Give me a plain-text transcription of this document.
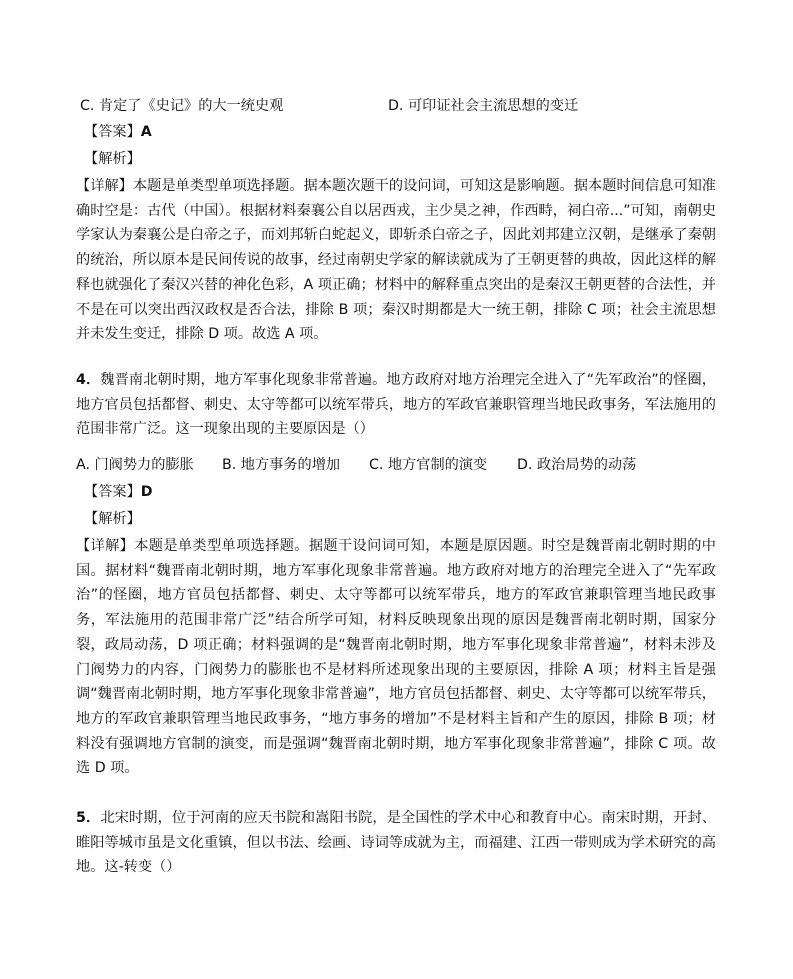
C. 肯定了《史记》的大一统史观	D. 可印证社会主流思想的变迁
【答案】A
【解析】
【详解】本题是单类型单项选择题。据本题次题干的设问词，可知这是影响题。据本题时间信息可知准确时空是：古代（中国）。根据材料秦襄公自以居西戎，主少昊之神，作西畤，祠白帝...”可知，南朝史学家认为秦襄公是白帝之子，而刘邦斩白蛇起义，即斩杀白帝之子，因此刘邦建立汉朝，是继承了秦朝的统治，所以原本是民间传说的故事，经过南朝史学家的解读就成为了王朝更替的典故，因此这样的解释也就强化了秦汉兴替的神化色彩，A 项正确；材料中的解释重点突出的是秦汉王朝更替的合法性，并不是在可以突出西汉政权是否合法，排除 B 项；秦汉时期都是大一统王朝，排除 C 项；社会主流思想并未发生变迁，排除 D 项。故选 A 项。
4．魏晋南北朝时期，地方军事化现象非常普遍。地方政府对地方治理完全进入了“先军政治”的怪圈，地方官员包括都督、刺史、太守等都可以统军带兵，地方的军政官兼职管理当地民政事务，军法施用的范围非常广泛。这一现象出现的主要原因是（）
A. 门阀势力的膨胀 B. 地方事务的增加 C. 地方官制的演变 D. 政治局势的动荡
【答案】D
【解析】
【详解】本题是单类型单项选择题。据题干设问词可知，本题是原因题。时空是魏晋南北朝时期的中国。据材料“魏晋南北朝时期，地方军事化现象非常普遍。地方政府对地方的治理完全进入了“先军政治”的怪圈，地方官员包括都督、刺史、太守等都可以统军带兵，地方的军政官兼职管理当地民政事务，军法施用的范围非常广泛”结合所学可知，材料反映现象出现的原因是魏晋南北朝时期，国家分裂，政局动荡，D 项正确；材料强调的是“魏晋南北朝时期，地方军事化现象非常普遍”，材料未涉及门阀势力的内容，门阀势力的膨胀也不是材料所述现象出现的主要原因，排除 A 项；材料主旨是强调“魏晋南北朝时期，地方军事化现象非常普遍”，地方官员包括都督、刺史、太守等都可以统军带兵，地方的军政官兼职管理当地民政事务，“地方事务的增加”不是材料主旨和产生的原因，排除 B 项；材料没有强调地方官制的演变，而是强调“魏晋南北朝时期，地方军事化现象非常普遍”，排除 C 项。故选 D 项。
5．北宋时期，位于河南的应天书院和嵩阳书院，是全国性的学术中心和教育中心。南宋时期，开封、睢阳等城市虽是文化重镇，但以书法、绘画、诗词等成就为主，而福建、江西一带则成为学术研究的高地。这-转变（）
